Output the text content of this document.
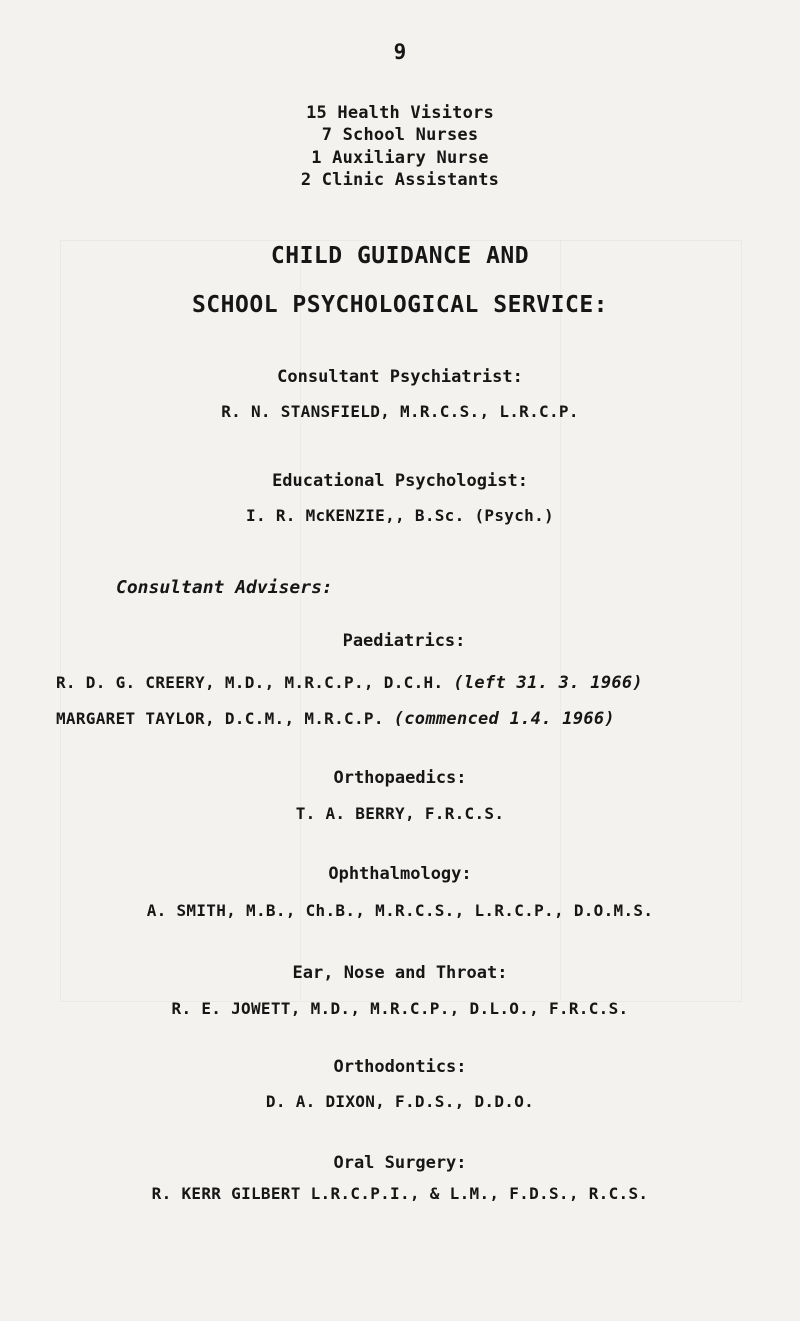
9
15 Health Visitors
7 School Nurses
1 Auxiliary Nurse
2 Clinic Assistants
CHILD GUIDANCE AND
SCHOOL PSYCHOLOGICAL SERVICE:
Consultant Psychiatrist:
R. N. STANSFIELD, M.R.C.S., L.R.C.P.
Educational Psychologist:
I. R. McKENZIE,, B.Sc. (Psych.)
Consultant Advisers:
Paediatrics:
R. D. G. CREERY, M.D., M.R.C.P., D.C.H. (left 31. 3. 1966)
MARGARET TAYLOR, D.C.M., M.R.C.P. (commenced 1.4. 1966)
Orthopaedics:
T. A. BERRY, F.R.C.S.
Ophthalmology:
A. SMITH, M.B., Ch.B., M.R.C.S., L.R.C.P., D.O.M.S.
Ear, Nose and Throat:
R. E. JOWETT, M.D., M.R.C.P., D.L.O., F.R.C.S.
Orthodontics:
D. A. DIXON, F.D.S., D.D.O.
Oral Surgery:
R. KERR GILBERT L.R.C.P.I., & L.M., F.D.S., R.C.S.
